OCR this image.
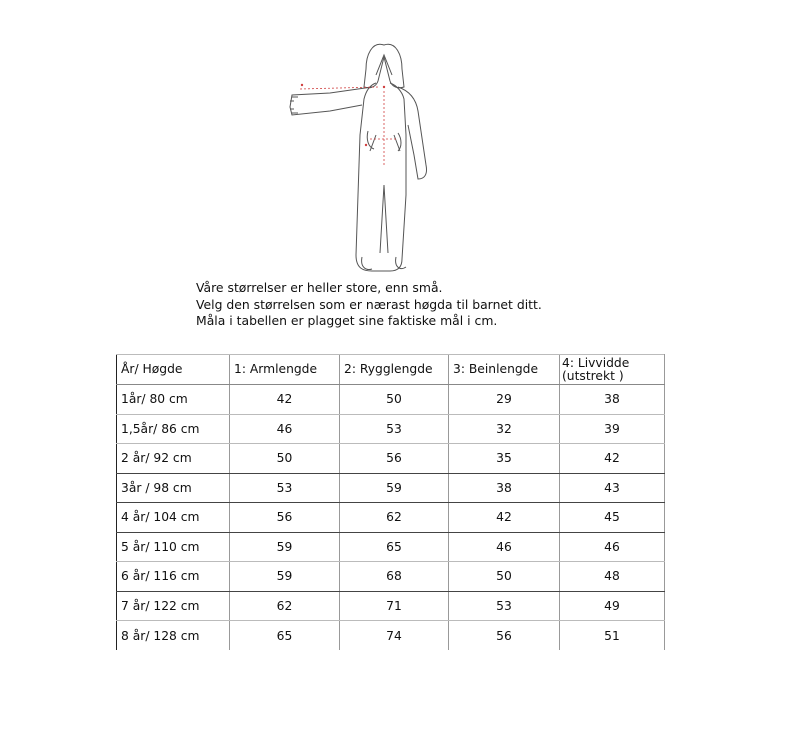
Våre størrelser er heller store, enn små.
Velg den størrelsen som er nærast høgda til barnet ditt.
Måla i tabellen er plagget sine faktiske mål i cm.
År/ Høgde	1: Armlengde	2: Rygglengde	3: Beinlengde	4: Livvidde (utstrekt )
1år/ 80 cm	42	50	29	38
1,5år/ 86 cm	46	53	32	39
2 år/ 92 cm	50	56	35	42
3år / 98 cm	53	59	38	43
4 år/ 104 cm	56	62	42	45
5 år/ 110 cm	59	65	46	46
6 år/ 116 cm	59	68	50	48
7 år/ 122 cm	62	71	53	49
8 år/ 128 cm	65	74	56	51
